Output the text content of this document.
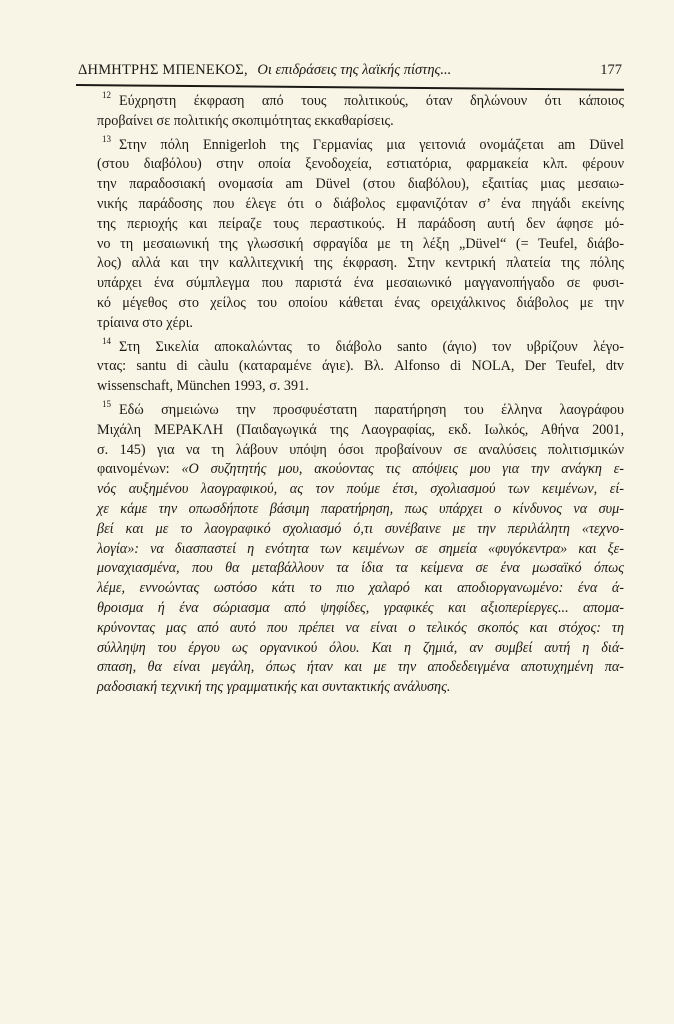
ΔΗΜΗΤΡΗΣ ΜΠΕΝΕΚΟΣ, Οι επιδράσεις της λαϊκής πίστης...	177
$^{12}$ Εύχρηστη έκφραση από τους πολιτικούς, όταν δηλώνουν ότι κάποιος
προβαίνει σε πολιτικής σκοπιμότητας εκκαθαρίσεις.
$^{13}$ Στην πόλη Ennigerloh της Γερμανίας μια γειτονιά ονομάζεται am Düvel
(στου διαβόλου) στην οποία ξενοδοχεία, εστιατόρια, φαρμακεία κλπ. φέρουν
την παραδοσιακή ονομασία am Düvel (στου διαβόλου), εξαιτίας μιας μεσαιω-
νικής παράδοσης που έλεγε ότι ο διάβολος εμφανιζόταν σ’ ένα πηγάδι εκείνης
της περιοχής και πείραζε τους περαστικούς. Η παράδοση αυτή δεν άφησε μό-
νο τη μεσαιωνική της γλωσσική σφραγίδα με τη λέξη „Düvel“ (= Teufel, διάβο-
λος) αλλά και την καλλιτεχνική της έκφραση. Στην κεντρική πλατεία της πόλης
υπάρχει ένα σύμπλεγμα που παριστά ένα μεσαιωνικό μαγγανοπήγαδο σε φυσι-
κό μέγεθος στο χείλος του οποίου κάθεται ένας ορειχάλκινος διάβολος με την
τρίαινα στο χέρι.
$^{14}$ Στη Σικελία αποκαλώντας το διάβολο santo (άγιο) τον υβρίζουν λέγο-
ντας: santu di càulu (καταραμένε άγιε). Βλ. Alfonso di NOLA, Der Teufel, dtv
wissenschaft, München 1993, σ. 391.
$^{15}$ Εδώ σημειώνω την προσφυέστατη παρατήρηση του έλληνα λαογράφου
Μιχάλη ΜΕΡΑΚΛΗ (Παιδαγωγικά της Λαογραφίας, εκδ. Ιωλκός, Αθήνα 2001,
σ. 145) για να τη λάβουν υπόψη όσοι προβαίνουν σε αναλύσεις πολιτισμικών
φαινομένων: «Ο συζητητής μου, ακούοντας τις απόψεις μου για την ανάγκη ε-
νός αυξημένου λαογραφικού, ας τον πούμε έτσι, σχολιασμού των κειμένων, εί-
χε κάμε την οπωσδήποτε βάσιμη παρατήρηση, πως υπάρχει ο κίνδυνος να συμ-
βεί και με το λαογραφικό σχολιασμό ό,τι συνέβαινε με την περιλάλητη «τεχνο-
λογία»: να διασπαστεί η ενότητα των κειμένων σε σημεία «φυγόκεντρα» και ξε-
μοναχιασμένα, που θα μεταβάλλουν τα ίδια τα κείμενα σε ένα μωσαϊκό όπως
λέμε, εννοώντας ωστόσο κάτι το πιο χαλαρό και αποδιοργανωμένο: ένα ά-
θροισμα ή ένα σώριασμα από ψηφίδες, γραφικές και αξιοπερίεργες... απομα-
κρύνοντας μας από αυτό που πρέπει να είναι ο τελικός σκοπός και στόχος: τη
σύλληψη του έργου ως οργανικού όλου. Και η ζημιά, αν συμβεί αυτή η διά-
σπαση, θα είναι μεγάλη, όπως ήταν και με την αποδεδειγμένα αποτυχημένη πα-
ραδοσιακή τεχνική της γραμματικής και συντακτικής ανάλυσης.
